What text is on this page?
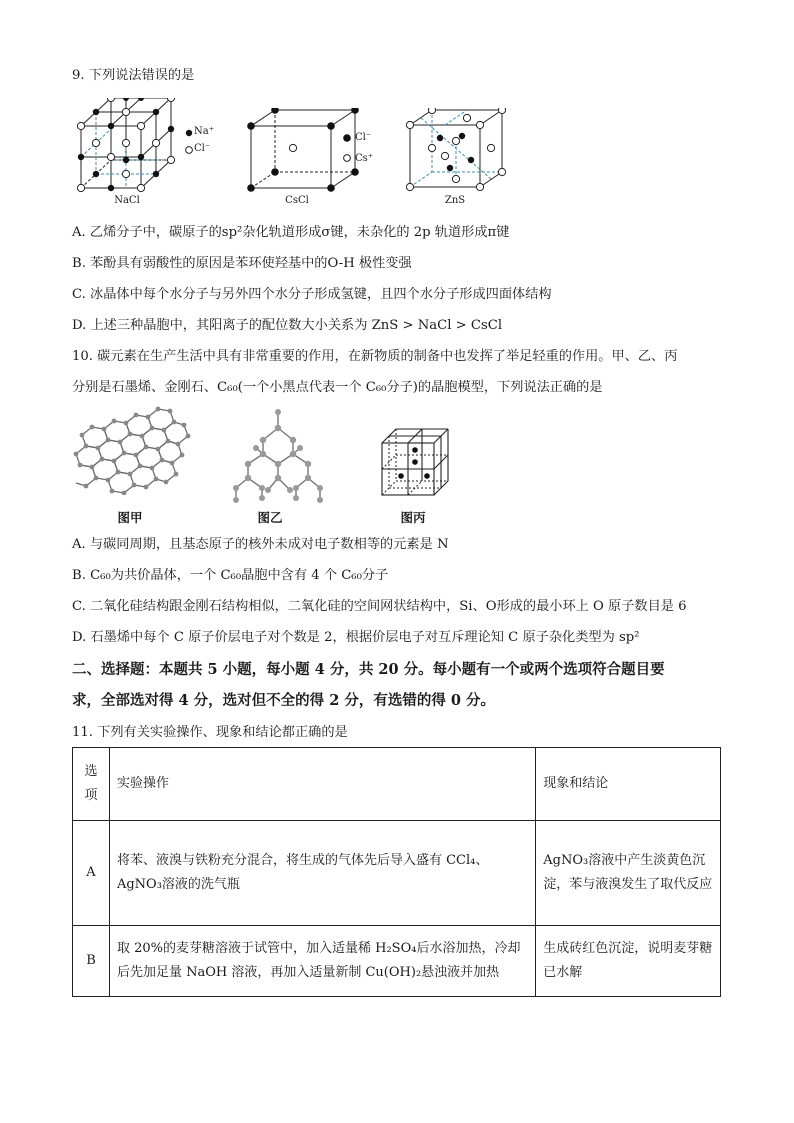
9. 下列说法错误的是
Na⁺
Cl⁻
NaCl
Cl⁻
Cs⁺
CsCl	ZnS
A. 乙烯分子中，碳原子的sp²杂化轨道形成σ键，未杂化的 2p 轨道形成π键
B. 苯酚具有弱酸性的原因是苯环使羟基中的O-H 极性变强
C. 冰晶体中每个水分子与另外四个水分子形成氢键，且四个水分子形成四面体结构
D. 上述三种晶胞中，其阳离子的配位数大小关系为 ZnS > NaCl > CsCl
10. 碳元素在生产生活中具有非常重要的作用，在新物质的制备中也发挥了举足轻重的作用。甲、乙、丙
分别是石墨烯、金刚石、C₆₀(一个小黑点代表一个 C₆₀分子)的晶胞模型，下列说法正确的是
图甲	图乙	图丙
A. 与碳同周期，且基态原子的核外未成对电子数相等的元素是 N
B. C₆₀为共价晶体，一个 C₆₀晶胞中含有 4 个 C₆₀分子
C. 二氧化硅结构跟金刚石结构相似，二氧化硅的空间网状结构中，Si、O形成的最小环上 O 原子数目是 6
D. 石墨烯中每个 C 原子价层电子对个数是 2，根据价层电子对互斥理论知 C 原子杂化类型为 sp²
二、选择题：本题共 5 小题，每小题 4 分，共 20 分。每小题有一个或两个选项符合题目要
求，全部选对得 4 分，选对但不全的得 2 分，有选错的得 0 分。
11. 下列有关实验操作、现象和结论都正确的是
选项	实验操作	现象和结论
A	将苯、液溴与铁粉充分混合，将生成的气体先后导入盛有 CCl₄、AgNO₃溶液的洗气瓶	AgNO₃溶液中产生淡黄色沉淀，苯与液溴发生了取代反应
B	取 20%的麦芽糖溶液于试管中，加入适量稀 H₂SO₄后水浴加热，冷却后先加足量 NaOH 溶液，再加入适量新制 Cu(OH)₂悬浊液并加热	生成砖红色沉淀，说明麦芽糖已水解
